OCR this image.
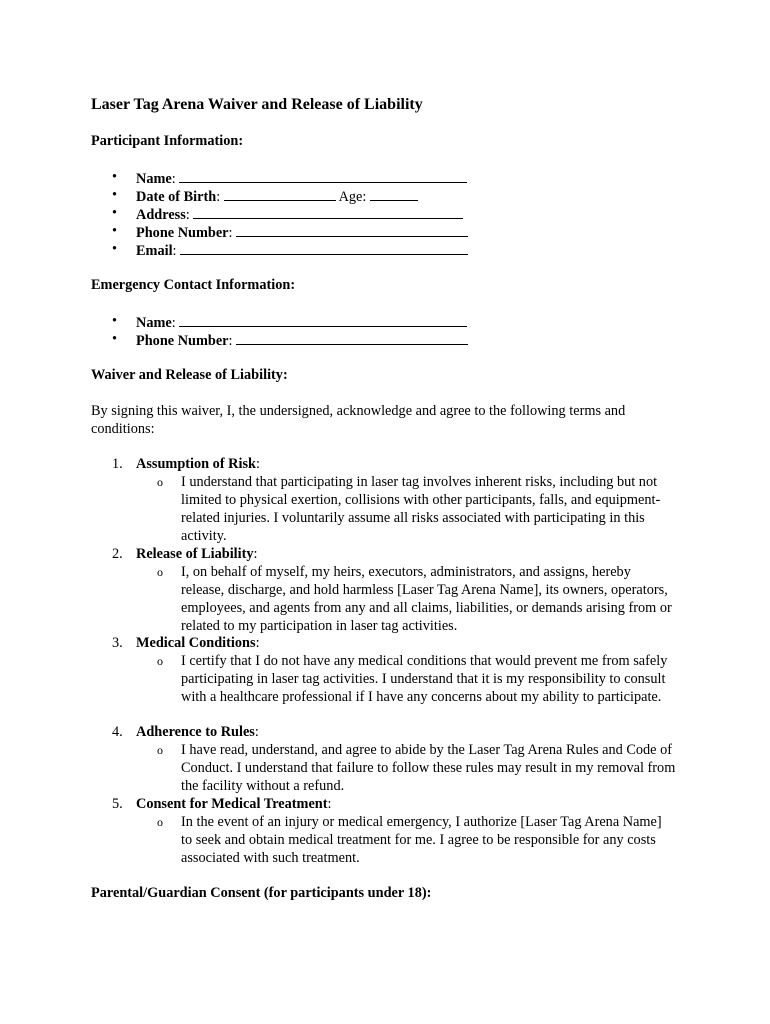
Laser Tag Arena Waiver and Release of Liability
Participant Information:
• Name:
• Date of Birth:	Age:
• Address:
• Phone Number:
• Email:
Emergency Contact Information:
• Name:
• Phone Number:
Waiver and Release of Liability:
By signing this waiver, I, the undersigned, acknowledge and agree to the following terms and conditions:
1. Assumption of Risk:
o I understand that participating in laser tag involves inherent risks, including but not limited to physical exertion, collisions with other participants, falls, and equipment-related injuries. I voluntarily assume all risks associated with participating in this activity.
2. Release of Liability:
o I, on behalf of myself, my heirs, executors, administrators, and assigns, hereby release, discharge, and hold harmless [Laser Tag Arena Name], its owners, operators, employees, and agents from any and all claims, liabilities, or demands arising from or related to my participation in laser tag activities.
3. Medical Conditions:
o I certify that I do not have any medical conditions that would prevent me from safely participating in laser tag activities. I understand that it is my responsibility to consult with a healthcare professional if I have any concerns about my ability to participate.
4. Adherence to Rules:
o I have read, understand, and agree to abide by the Laser Tag Arena Rules and Code of Conduct. I understand that failure to follow these rules may result in my removal from the facility without a refund.
5. Consent for Medical Treatment:
o In the event of an injury or medical emergency, I authorize [Laser Tag Arena Name] to seek and obtain medical treatment for me. I agree to be responsible for any costs associated with such treatment.
Parental/Guardian Consent (for participants under 18):
